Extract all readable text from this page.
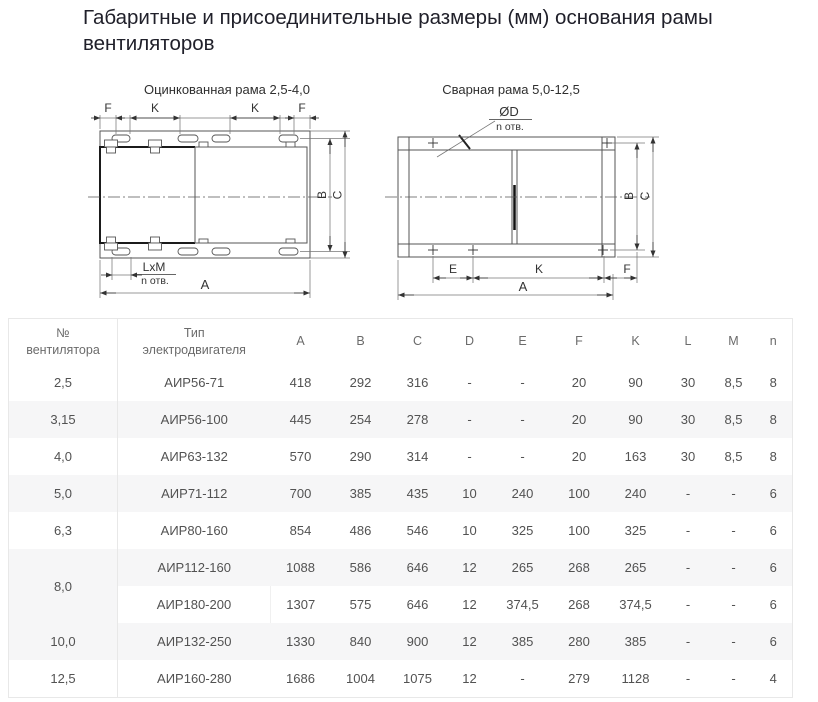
Габаритные и присоединительные размеры (мм) основания рамы вентиляторов
Оцинкованная рама 2,5-4,0
F	K	K	F
B C
LxM
n отв. A
Сварная рама 5,0-12,5
ØD
n отв.
B C
E	K	F
A
№
вентилятора

Тип
электродвигателя
	A	B	C	D	E	F	K	L	M	n
2,5	АИР56-71	418	292	316	-	-	20	90	30	8,5	8
3,15	АИР56-100	445	254	278	-	-	20	90	30	8,5	8
4,0	АИР63-132	570	290	314	-	-	20	163	30	8,5	8
5,0	АИР71-112	700	385	435	10	240	100	240	-	-	6
6,3	АИР80-160	854	486	546	10	325	100	325	-	-	6
8,0	АИР112-160	1088	586	646	12	265	268	265	-	-	6
	АИР180-200	1307	575	646	12	374,5	268	374,5	-	-	6
10,0	АИР132-250	1330	840	900	12	385	280	385	-	-	6
12,5	АИР160-280	1686	1004	1075	12	-	279	1128	-	-	4
